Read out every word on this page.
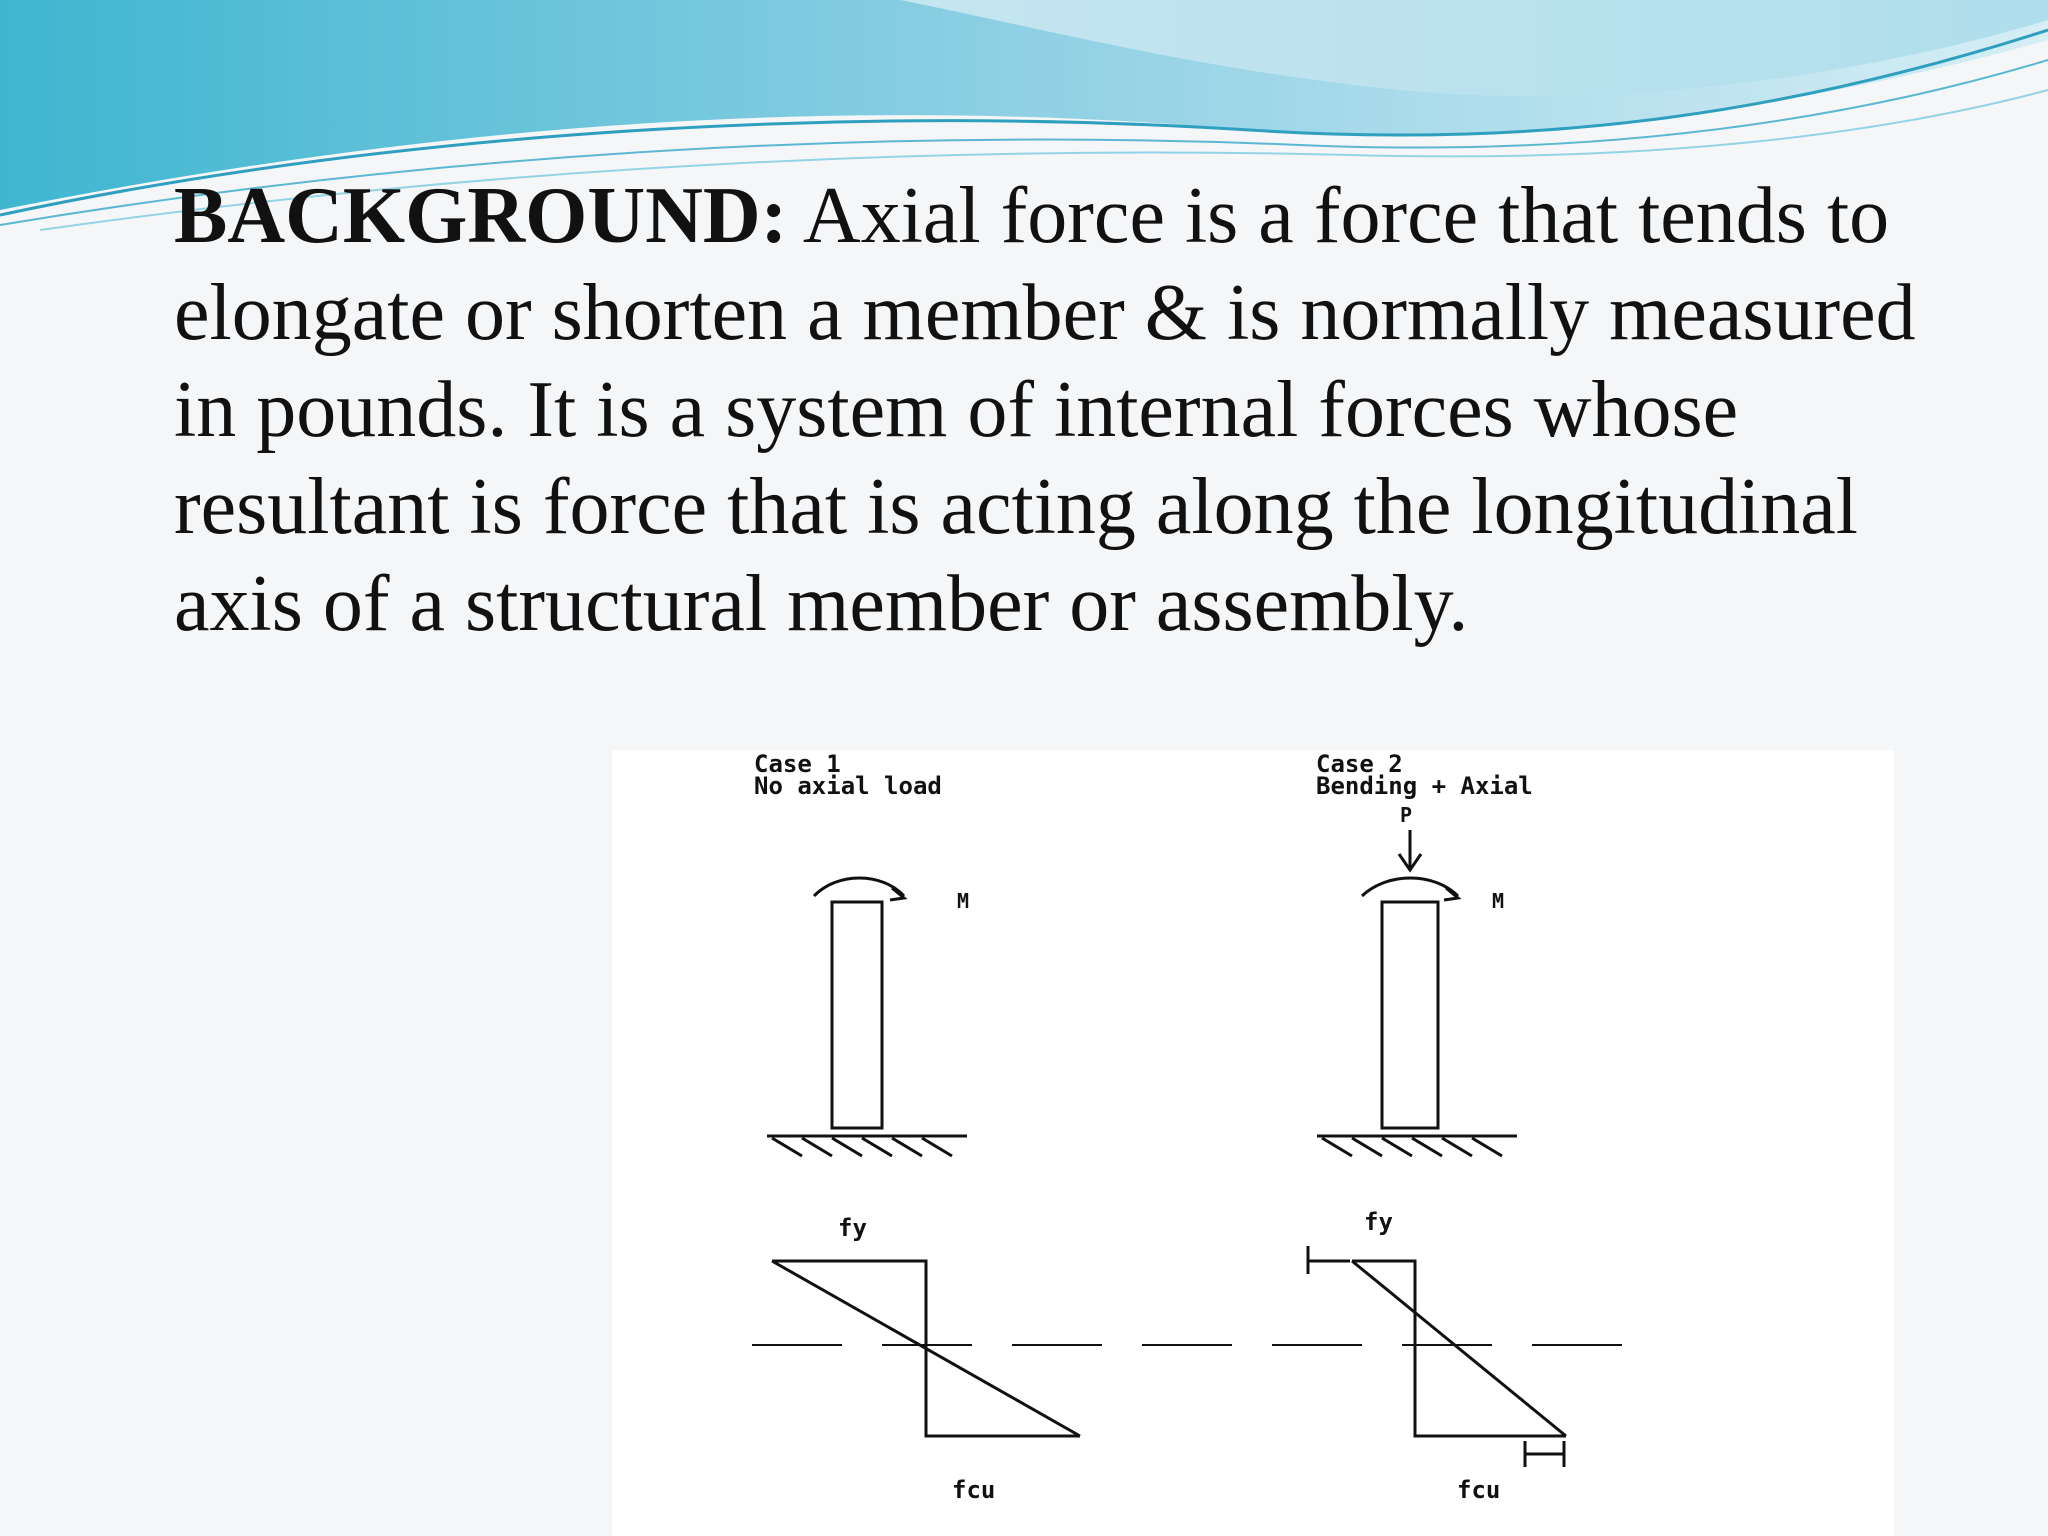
BACKGROUND: Axial force is a force that tends to elongate or shorten a member & is normally measured in pounds. It is a system of internal forces whose resultant is force that is acting along the longitudinal axis of a structural member or assembly.

Case 1
No axial load
M
fy
fcu
Case 2
Bending + Axial
P
M
fy
fcu
